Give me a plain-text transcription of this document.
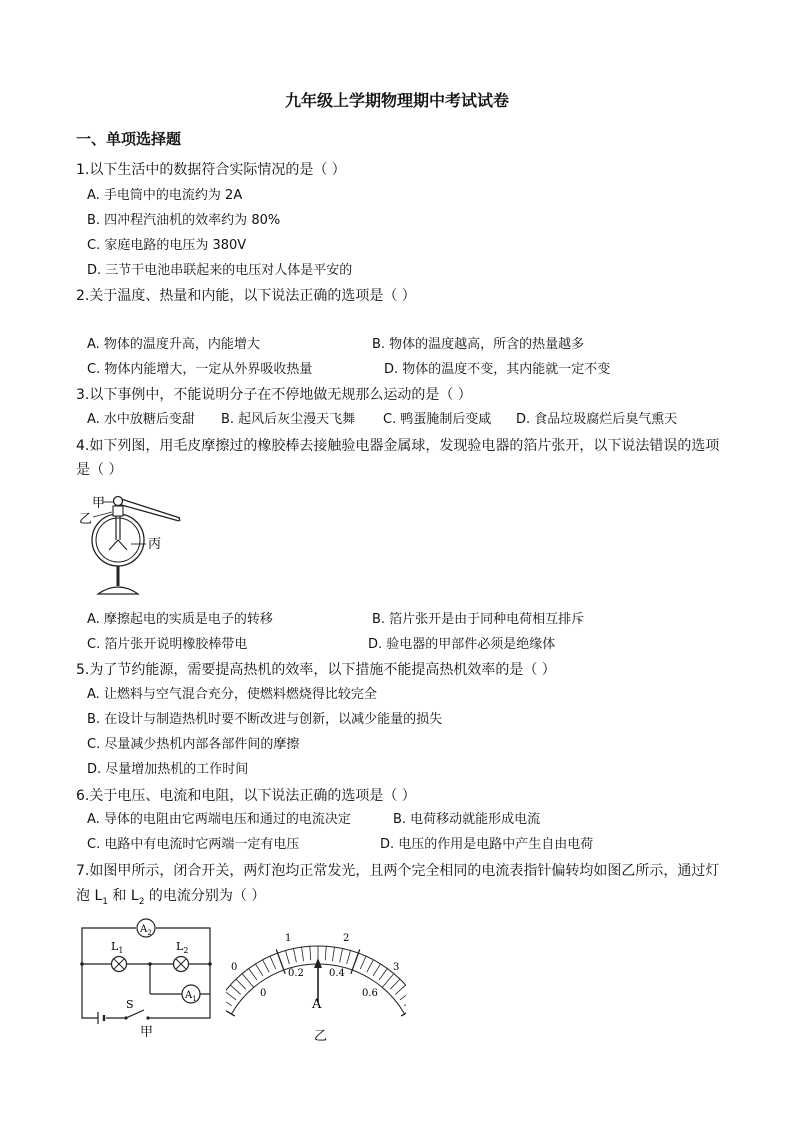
九年级上学期物理期中考试试卷
一、单项选择题
1.以下生活中的数据符合实际情况的是（ ）
A. 手电筒中的电流约为 2A
B. 四冲程汽油机的效率约为 80%
C. 家庭电路的电压为 380V
D. 三节干电池串联起来的电压对人体是平安的
2.关于温度、热量和内能，以下说法正确的选项是（ ）
A. 物体的温度升高，内能增大	B. 物体的温度越高，所含的热量越多
C. 物体内能增大，一定从外界吸收热量	D. 物体的温度不变，其内能就一定不变
3.以下事例中，不能说明分子在不停地做无规那么运动的是（ ）
A. 水中放糖后变甜 B. 起风后灰尘漫天飞舞 C. 鸭蛋腌制后变咸 D. 食品垃圾腐烂后臭气熏天
4.如下列图，用毛皮摩擦过的橡胶棒去接触验电器金属球，发现验电器的箔片张开，以下说法错误的选项
是（ ）
甲
乙
丙
A. 摩擦起电的实质是电子的转移	B. 箔片张开是由于同种电荷相互排斥
C. 箔片张开说明橡胶棒带电	D. 验电器的甲部件必须是绝缘体
5.为了节约能源，需要提高热机的效率，以下措施不能提高热机效率的是（ ）
A. 让燃料与空气混合充分，使燃料燃烧得比较完全
B. 在设计与制造热机时要不断改进与创新，以减少能量的损失
C. 尽量减少热机内部各部件间的摩擦
D. 尽量增加热机的工作时间
6.关于电压、电流和电阻，以下说法正确的选项是（ ）
A. 导体的电阻由它两端电压和通过的电流决定	B. 电荷移动就能形成电流
C. 电路中有电流时它两端一定有电压	D. 电压的作用是电路中产生自由电荷
7.如图甲所示，闭合开关，两灯泡均正常发光，且两个完全相同的电流表指针偏转均如图乙所示，通过灯
泡 $L_1$ 和 $L_2$ 的电流分别为（ ）
$A_2$
$L_1$	$L_2$
$A_1$
S
甲
0
1	2
3
0
0.2	0.4
0.6
A
乙
